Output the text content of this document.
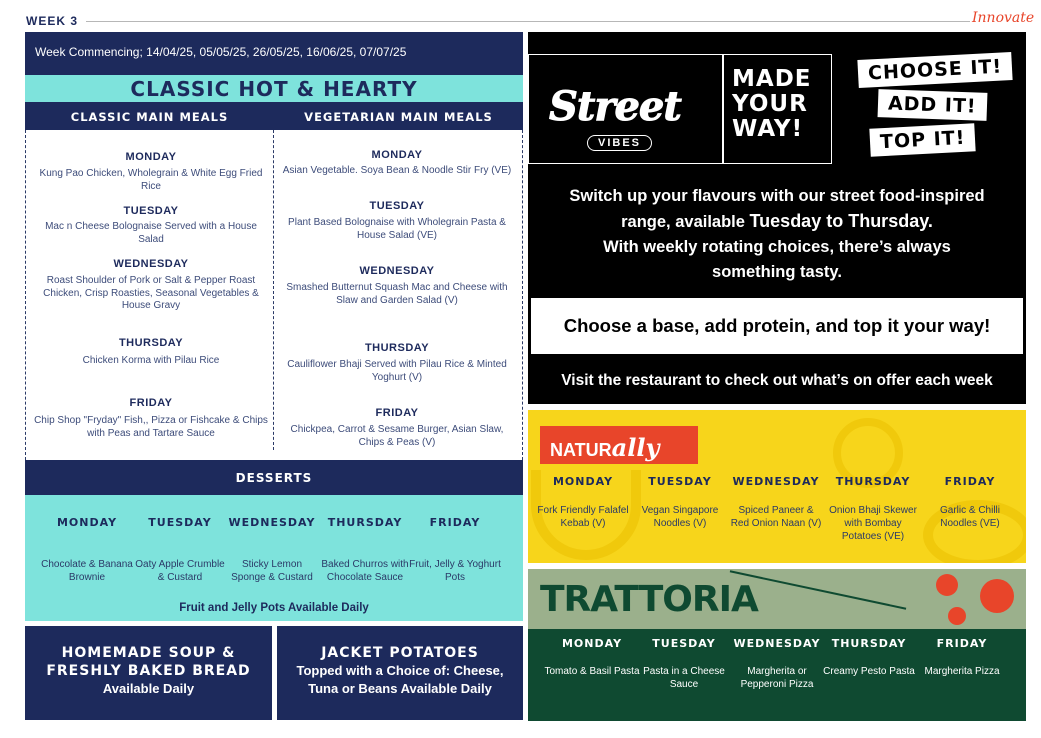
WEEK 3	Innovate
Week Commencing; 14/04/25, 05/05/25, 26/05/25, 16/06/25, 07/07/25
CLASSIC HOT & HEARTY
CLASSIC MAIN MEALS	VEGETARIAN MAIN MEALS
MONDAY
Kung Pao Chicken, Wholegrain & White Egg Fried Rice
TUESDAY
Mac n Cheese Bolognaise Served with a House Salad
WEDNESDAY
Roast Shoulder of Pork or Salt & Pepper Roast Chicken, Crisp Roasties, Seasonal Vegetables & House Gravy
THURSDAY
Chicken Korma with Pilau Rice
FRIDAY
Chip Shop "Fryday" Fish,, Pizza or Fishcake & Chips with Peas and Tartare Sauce
MONDAY
Asian Vegetable. Soya Bean & Noodle Stir Fry (VE)
TUESDAY
Plant Based Bolognaise with Wholegrain Pasta & House Salad (VE)
WEDNESDAY
Smashed Butternut Squash Mac and Cheese with Slaw and Garden Salad (V)
THURSDAY
Cauliflower Bhaji Served with Pilau Rice & Minted Yoghurt (V)
FRIDAY
Chickpea, Carrot & Sesame Burger, Asian Slaw, Chips & Peas (V)
DESSERTS
MONDAY
Chocolate & Banana Brownie
TUESDAY
Oaty Apple Crumble & Custard
WEDNESDAY
Sticky Lemon Sponge & Custard
THURSDAY
Baked Churros with Chocolate Sauce
FRIDAY
Fruit, Jelly & Yoghurt Pots
Fruit and Jelly Pots Available Daily
HOMEMADE SOUP &
FRESHLY BAKED BREAD
Available Daily
JACKET POTATOES
Topped with a Choice of: Cheese,
Tuna or Beans Available Daily
Street
VIBES
MADE
YOUR
WAY!
CHOOSE IT!
ADD IT!
TOP IT!
Switch up your flavours with our street food-inspired
range, available Tuesday to Thursday.
With weekly rotating choices, there’s always
something tasty.
Choose a base, add protein, and top it your way!
Visit the restaurant to check out what’s on offer each week
NATURally
MONDAY
Fork Friendly Falafel Kebab (V)
TUESDAY
Vegan Singapore Noodles (V)
WEDNESDAY
Spiced Paneer & Red Onion Naan (V)
THURSDAY
Onion Bhaji Skewer with Bombay Potatoes (VE)
FRIDAY
Garlic & Chilli Noodles (VE)
TRATTORIA
MONDAY
Tomato & Basil Pasta
TUESDAY
Pasta in a Cheese Sauce
WEDNESDAY
Margherita or Pepperoni Pizza
THURSDAY
Creamy Pesto Pasta
FRIDAY
Margherita Pizza
